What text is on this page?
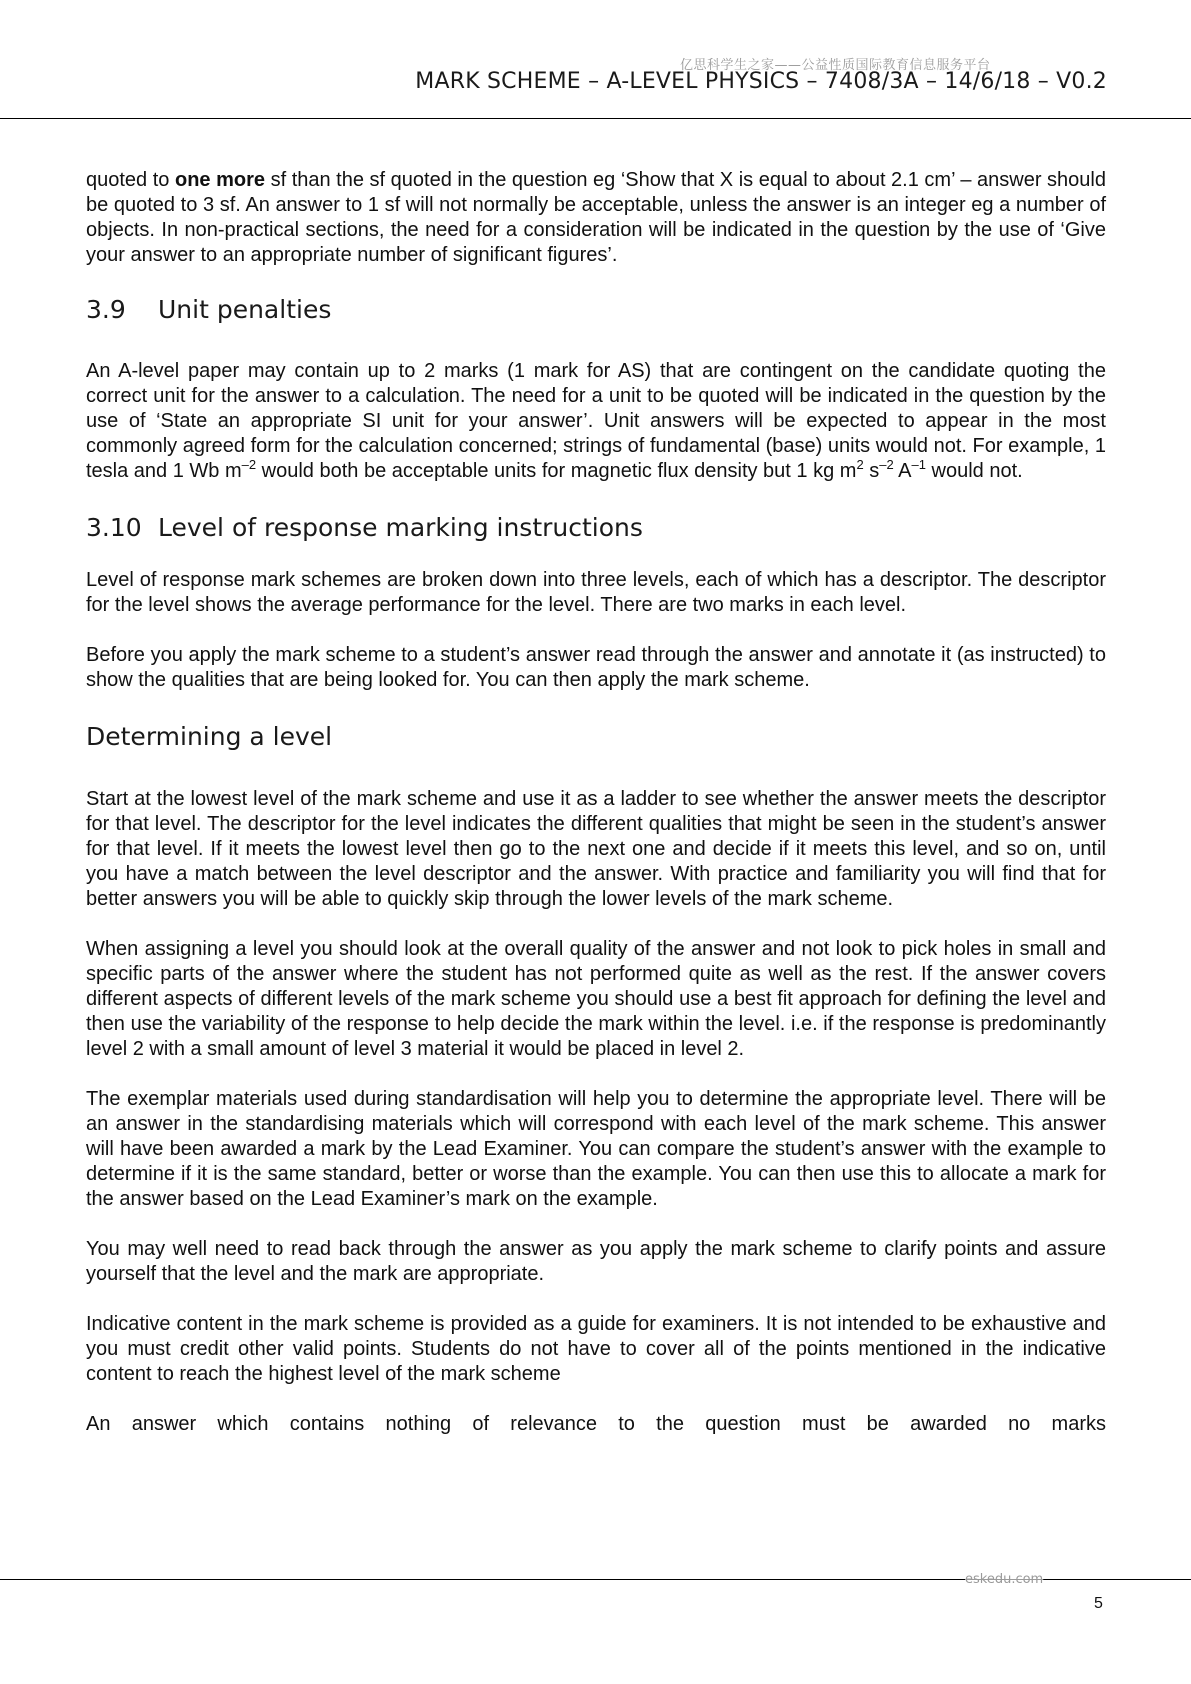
亿思科学生之家——公益性质国际教育信息服务平台
MARK SCHEME – A-LEVEL PHYSICS – 7408/3A – 14/6/18 – V0.2

quoted to one more sf than the sf quoted in the question eg ‘Show that X is equal to about 2.1 cm’ – answer should be quoted to 3 sf. An answer to 1 sf will not normally be acceptable, unless the answer is an integer eg a number of objects. In non-practical sections, the need for a consideration will be indicated in the question by the use of ‘Give your answer to an appropriate number of significant figures’.

3.9 Unit penalties

An A-level paper may contain up to 2 marks (1 mark for AS) that are contingent on the candidate quoting the correct unit for the answer to a calculation. The need for a unit to be quoted will be indicated in the question by the use of ‘State an appropriate SI unit for your answer’. Unit answers will be expected to appear in the most commonly agreed form for the calculation concerned; strings of fundamental (base) units would not. For example, 1 tesla and 1 Wb $m^{-2}$ would both be acceptable units for magnetic flux density but 1 kg $m^2$ $s^{-2}$ $A^{-1}$ would not.

3.10 Level of response marking instructions

Level of response mark schemes are broken down into three levels, each of which has a descriptor. The descriptor for the level shows the average performance for the level. There are two marks in each level.

Before you apply the mark scheme to a student’s answer read through the answer and annotate it (as instructed) to show the qualities that are being looked for. You can then apply the mark scheme.

Determining a level

Start at the lowest level of the mark scheme and use it as a ladder to see whether the answer meets the descriptor for that level. The descriptor for the level indicates the different qualities that might be seen in the student’s answer for that level. If it meets the lowest level then go to the next one and decide if it meets this level, and so on, until you have a match between the level descriptor and the answer. With practice and familiarity you will find that for better answers you will be able to quickly skip through the lower levels of the mark scheme.

When assigning a level you should look at the overall quality of the answer and not look to pick holes in small and specific parts of the answer where the student has not performed quite as well as the rest. If the answer covers different aspects of different levels of the mark scheme you should use a best fit approach for defining the level and then use the variability of the response to help decide the mark within the level. i.e. if the response is predominantly level 2 with a small amount of level 3 material it would be placed in level 2.

The exemplar materials used during standardisation will help you to determine the appropriate level. There will be an answer in the standardising materials which will correspond with each level of the mark scheme. This answer will have been awarded a mark by the Lead Examiner. You can compare the student’s answer with the example to determine if it is the same standard, better or worse than the example. You can then use this to allocate a mark for the answer based on the Lead Examiner’s mark on the example.

You may well need to read back through the answer as you apply the mark scheme to clarify points and assure yourself that the level and the mark are appropriate.

Indicative content in the mark scheme is provided as a guide for examiners. It is not intended to be exhaustive and you must credit other valid points. Students do not have to cover all of the points mentioned in the indicative content to reach the highest level of the mark scheme

An answer which contains nothing of relevance to the question must be awarded no marks

eskedu.com
5
